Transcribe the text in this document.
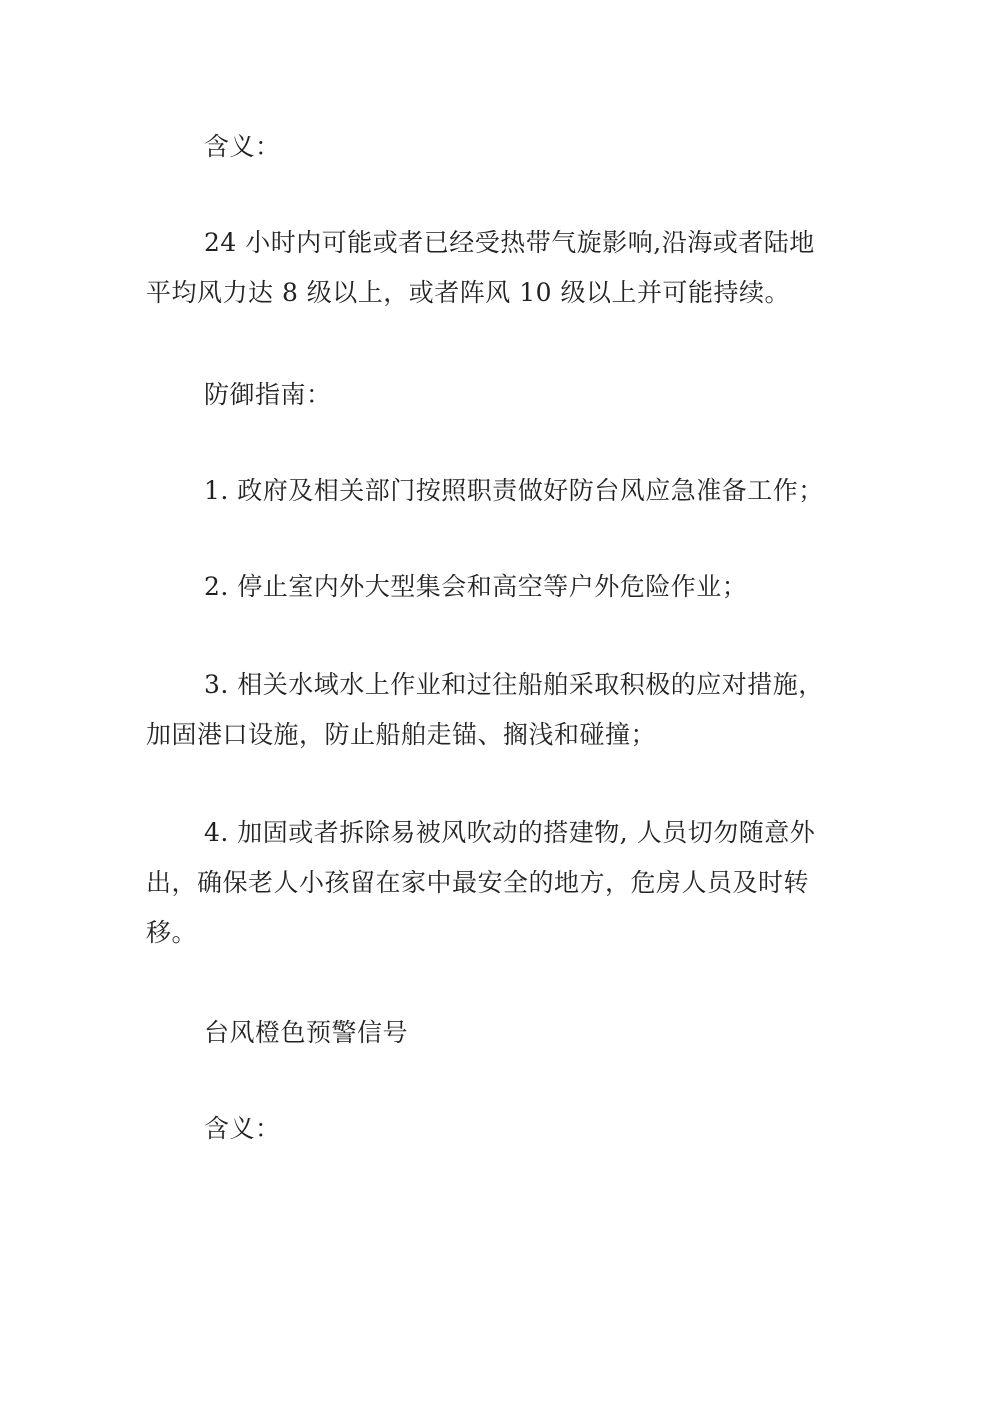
含义：

24 小时内可能或者已经受热带气旋影响,沿海或者陆地
平均风力达 8 级以上，或者阵风 10 级以上并可能持续。

防御指南：

1. 政府及相关部门按照职责做好防台风应急准备工作；

2. 停止室内外大型集会和高空等户外危险作业；

3. 相关水域水上作业和过往船舶采取积极的应对措施，
加固港口设施，防止船舶走锚、搁浅和碰撞；

4. 加固或者拆除易被风吹动的搭建物, 人员切勿随意外
出，确保老人小孩留在家中最安全的地方，危房人员及时转
移。

台风橙色预警信号

含义：
